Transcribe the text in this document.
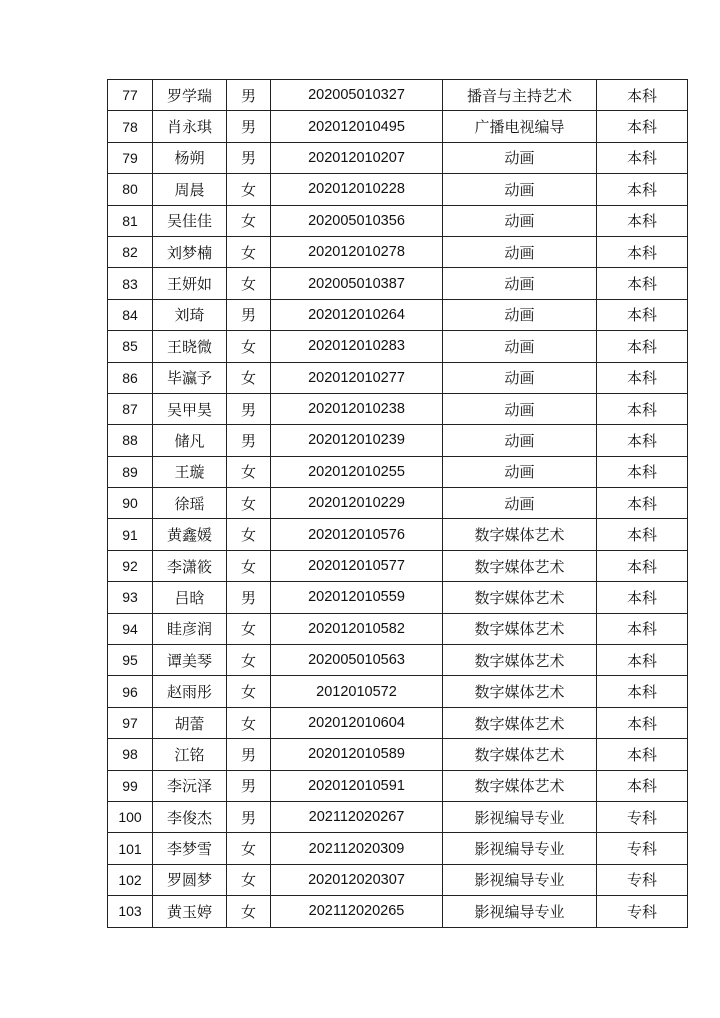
77	罗学瑞	男	202005010327	播音与主持艺术	本科
78	肖永琪	男	202012010495	广播电视编导	本科
79	杨朔	男	202012010207	动画	本科
80	周晨	女	202012010228	动画	本科
81	吴佳佳	女	202005010356	动画	本科
82	刘梦楠	女	202012010278	动画	本科
83	王妍如	女	202005010387	动画	本科
84	刘琦	男	202012010264	动画	本科
85	王晓微	女	202012010283	动画	本科
86	毕瀛予	女	202012010277	动画	本科
87	吴甲昊	男	202012010238	动画	本科
88	储凡	男	202012010239	动画	本科
89	王璇	女	202012010255	动画	本科
90	徐瑶	女	202012010229	动画	本科
91	黄鑫媛	女	202012010576	数字媒体艺术	本科
92	李潇筱	女	202012010577	数字媒体艺术	本科
93	吕晗	男	202012010559	数字媒体艺术	本科
94	眭彦润	女	202012010582	数字媒体艺术	本科
95	谭美琴	女	202005010563	数字媒体艺术	本科
96	赵雨彤	女	2012010572	数字媒体艺术	本科
97	胡蕾	女	202012010604	数字媒体艺术	本科
98	江铭	男	202012010589	数字媒体艺术	本科
99	李沅泽	男	202012010591	数字媒体艺术	本科
100	李俊杰	男	202112020267	影视编导专业	专科
101	李梦雪	女	202112020309	影视编导专业	专科
102	罗圆梦	女	202012020307	影视编导专业	专科
103	黄玉婷	女	202112020265	影视编导专业	专科
